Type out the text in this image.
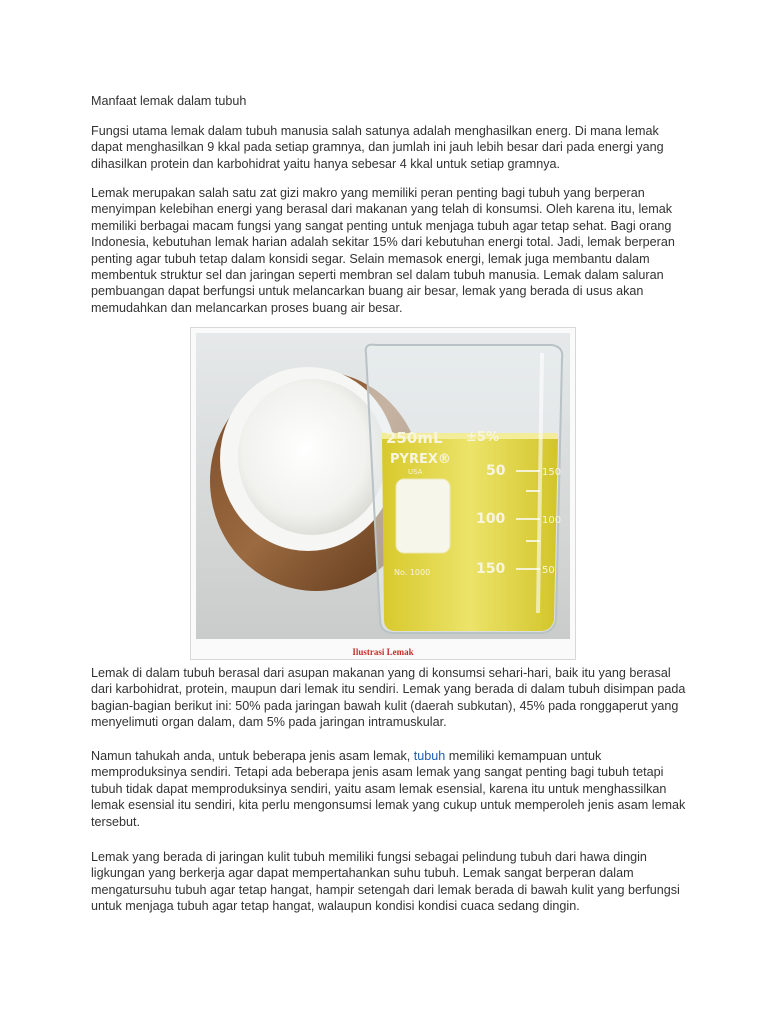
Manfaat lemak dalam tubuh

Fungsi utama lemak dalam tubuh manusia salah satunya adalah menghasilkan energ. Di mana lemak dapat menghasilkan 9 kkal pada setiap gramnya, dan jumlah ini jauh lebih besar dari pada energi yang dihasilkan protein dan karbohidrat yaitu hanya sebesar 4 kkal untuk setiap gramnya.

Lemak merupakan salah satu zat gizi makro yang memiliki peran penting bagi tubuh yang berperan menyimpan kelebihan energi yang berasal dari makanan yang telah di konsumsi. Oleh karena itu, lemak memiliki berbagai macam fungsi yang sangat penting untuk menjaga tubuh agar tetap sehat. Bagi orang Indonesia, kebutuhan lemak harian adalah sekitar 15% dari kebutuhan energi total. Jadi, lemak berperan penting agar tubuh tetap dalam konsidi segar. Selain memasok energi, lemak juga membantu dalam membentuk struktur sel dan jaringan seperti membran sel dalam tubuh manusia. Lemak dalam saluran pembuangan dapat berfungsi untuk melancarkan buang air besar, lemak yang berada di usus akan memudahkan dan melancarkan proses buang air besar.

250mL ±5%
PYREX®
USA	50	150
100	100
150	50
No. 1000
Ilustrasi Lemak

Lemak di dalam tubuh berasal dari asupan makanan yang di konsumsi sehari-hari, baik itu yang berasal dari karbohidrat, protein, maupun dari lemak itu sendiri. Lemak yang berada di dalam tubuh disimpan pada bagian-bagian berikut ini: 50% pada jaringan bawah kulit (daerah subkutan), 45% pada ronggaperut yang menyelimuti organ dalam, dam 5% pada jaringan intramuskular.

Namun tahukah anda, untuk beberapa jenis asam lemak, tubuh memiliki kemampuan untuk memproduksinya sendiri. Tetapi ada beberapa jenis asam lemak yang sangat penting bagi tubuh tetapi tubuh tidak dapat memproduksinya sendiri, yaitu asam lemak esensial, karena itu untuk menghassilkan lemak esensial itu sendiri, kita perlu mengonsumsi lemak yang cukup untuk memperoleh jenis asam lemak tersebut.

Lemak yang berada di jaringan kulit tubuh memiliki fungsi sebagai pelindung tubuh dari hawa dingin ligkungan yang berkerja agar dapat mempertahankan suhu tubuh. Lemak sangat berperan dalam mengatursuhu tubuh agar tetap hangat, hampir setengah dari lemak berada di bawah kulit yang berfungsi untuk menjaga tubuh agar tetap hangat, walaupun kondisi kondisi cuaca sedang dingin.
